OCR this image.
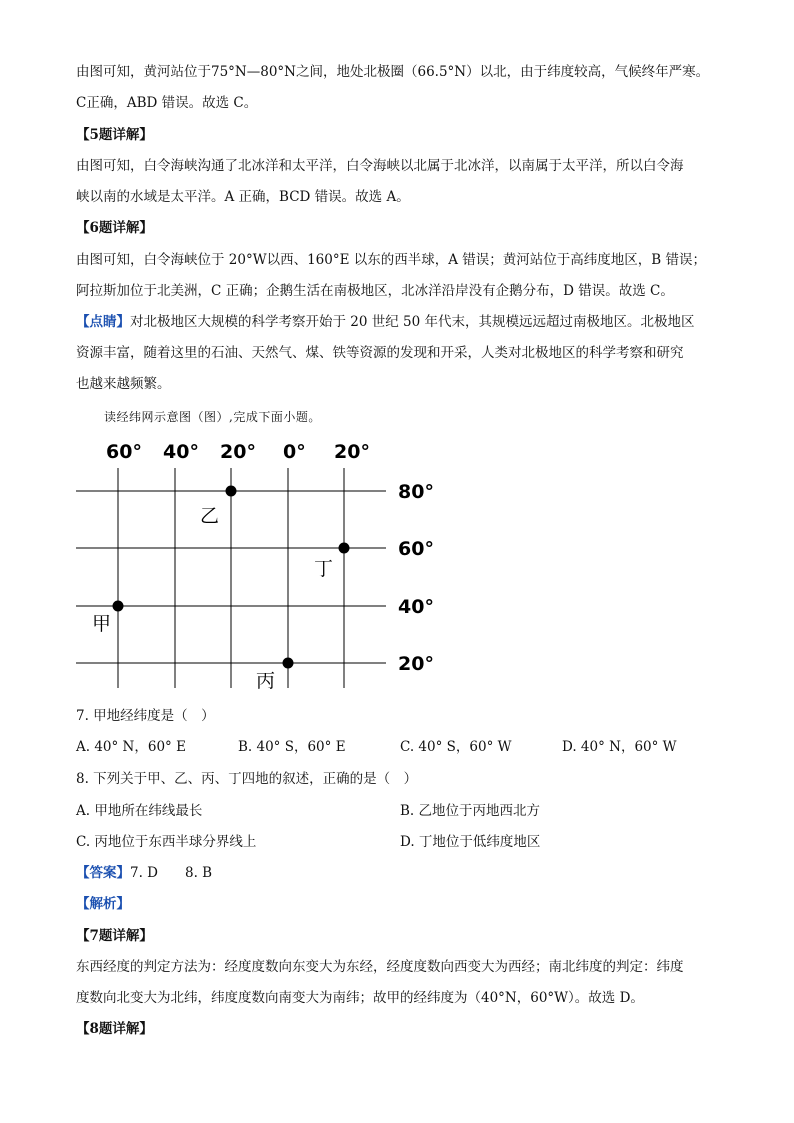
由图可知，黄河站位于75°N—80°N之间，地处北极圈（66.5°N）以北，由于纬度较高，气候终年严寒。
C正确，ABD 错误。故选 C。
【5题详解】
由图可知，白令海峡沟通了北冰洋和太平洋，白令海峡以北属于北冰洋，以南属于太平洋，所以白令海
峡以南的水域是太平洋。A 正确，BCD 错误。故选 A。
【6题详解】
由图可知，白令海峡位于 20°W以西、160°E 以东的西半球，A 错误；黄河站位于高纬度地区，B 错误；
阿拉斯加位于北美洲，C 正确；企鹅生活在南极地区，北冰洋沿岸没有企鹅分布，D 错误。故选 C。
【点睛】对北极地区大规模的科学考察开始于 20 世纪 50 年代末，其规模远远超过南极地区。北极地区
资源丰富，随着这里的石油、天然气、煤、铁等资源的发现和开采，人类对北极地区的科学考察和研究
也越来越频繁。
读经纬网示意图（图）,完成下面小题。
60° 40° 20° 0° 20°
80°
60°
40°
20°
乙
丁
甲
丙
7. 甲地经纬度是（　）
A. 40° N，60° E	B. 40° S，60° E	C. 40° S，60° W	D. 40° N，60° W
8. 下列关于甲、乙、丙、丁四地的叙述，正确的是（　）
A. 甲地所在纬线最长	B. 乙地位于丙地西北方
C. 丙地位于东西半球分界线上	D. 丁地位于低纬度地区
【答案】7. D　　8. B
【解析】
【7题详解】
东西经度的判定方法为：经度度数向东变大为东经，经度度数向西变大为西经；南北纬度的判定：纬度
度数向北变大为北纬，纬度度数向南变大为南纬；故甲的经纬度为（40°N，60°W）。故选 D。
【8题详解】
